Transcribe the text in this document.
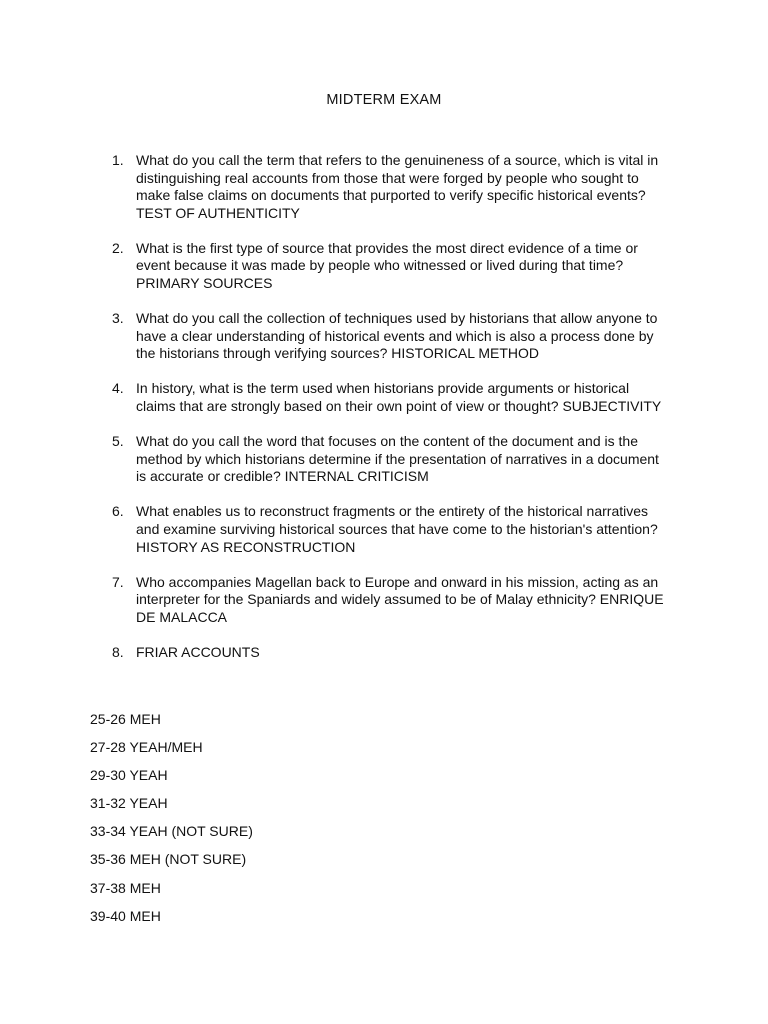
MIDTERM EXAM
1. What do you call the term that refers to the genuineness of a source, which is vital in distinguishing real accounts from those that were forged by people who sought to make false claims on documents that purported to verify specific historical events? TEST OF AUTHENTICITY
2. What is the first type of source that provides the most direct evidence of a time or event because it was made by people who witnessed or lived during that time? PRIMARY SOURCES
3. What do you call the collection of techniques used by historians that allow anyone to have a clear understanding of historical events and which is also a process done by the historians through verifying sources? HISTORICAL METHOD
4. In history, what is the term used when historians provide arguments or historical claims that are strongly based on their own point of view or thought? SUBJECTIVITY
5. What do you call the word that focuses on the content of the document and is the method by which historians determine if the presentation of narratives in a document is accurate or credible? INTERNAL CRITICISM
6. What enables us to reconstruct fragments or the entirety of the historical narratives and examine surviving historical sources that have come to the historian's attention? HISTORY AS RECONSTRUCTION
7. Who accompanies Magellan back to Europe and onward in his mission, acting as an interpreter for the Spaniards and widely assumed to be of Malay ethnicity? ENRIQUE DE MALACCA
8. FRIAR ACCOUNTS
25-26 MEH
27-28 YEAH/MEH
29-30 YEAH
31-32 YEAH
33-34 YEAH (NOT SURE)
35-36 MEH (NOT SURE)
37-38 MEH
39-40 MEH
